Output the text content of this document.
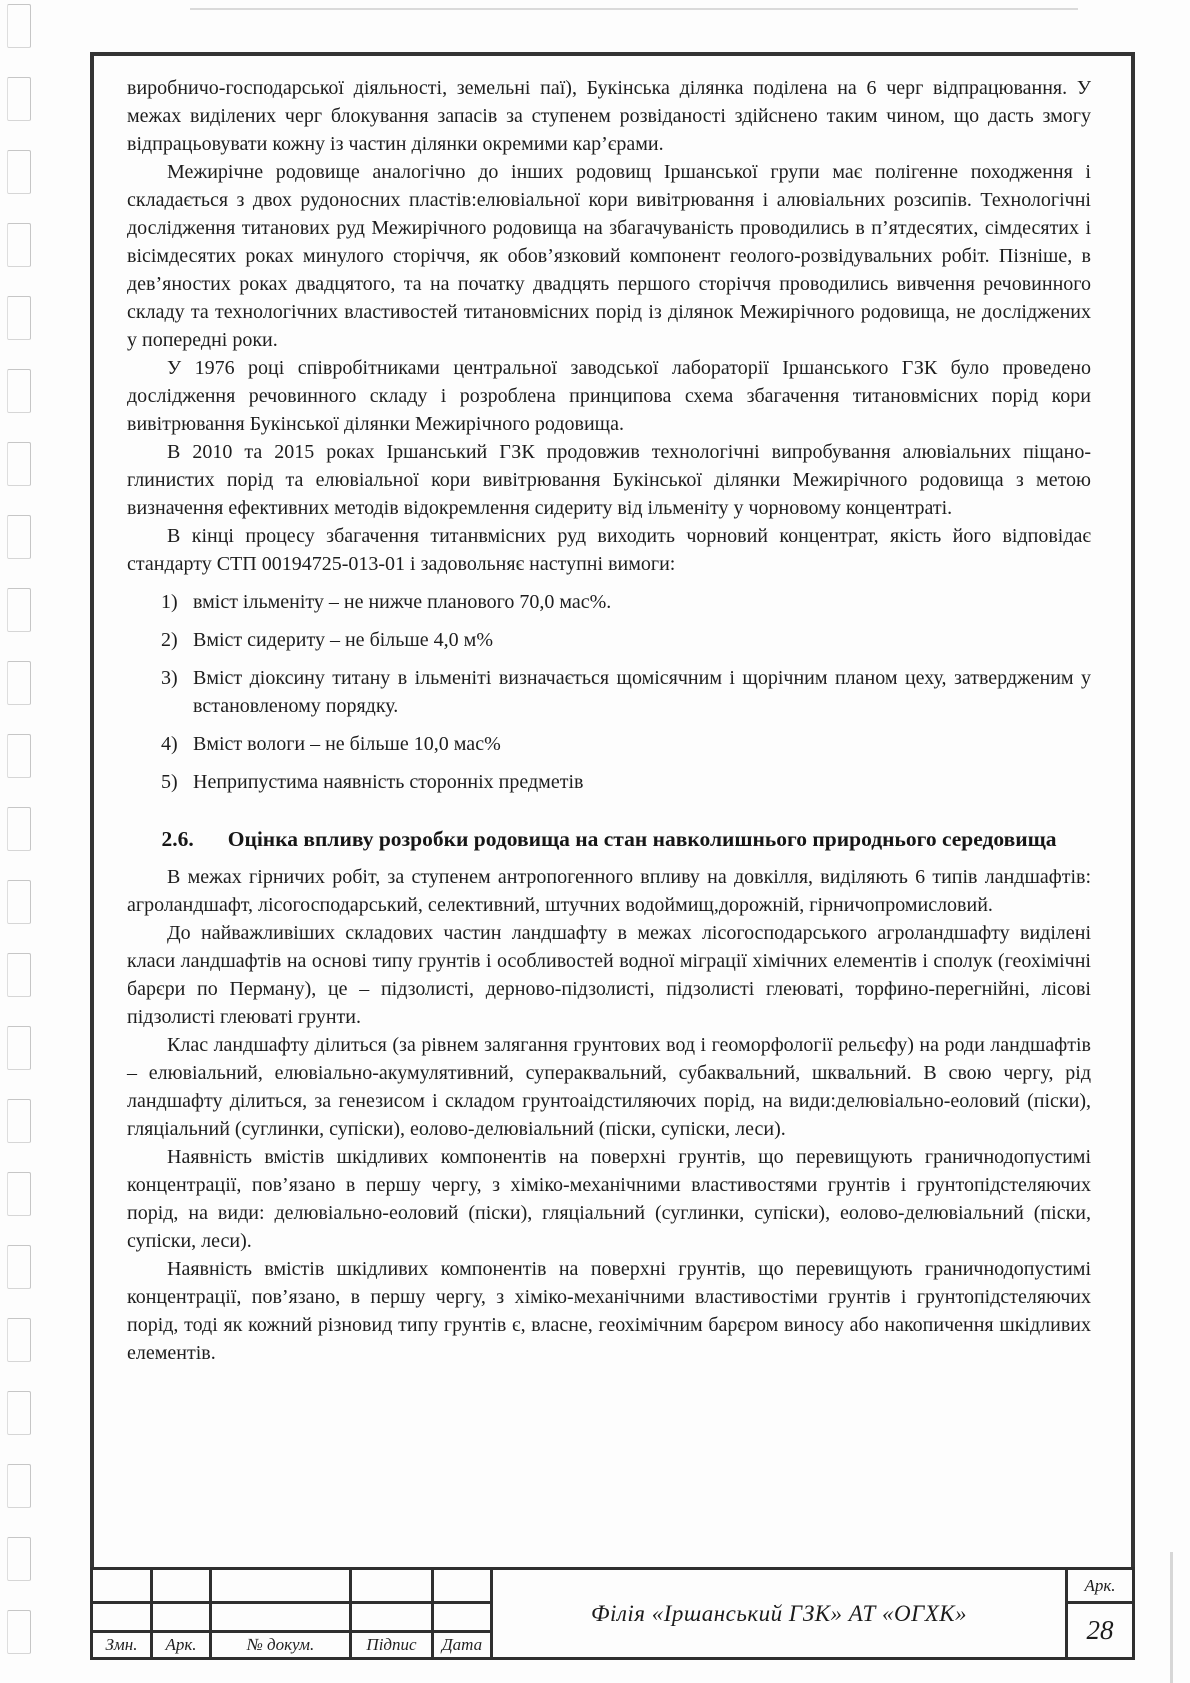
виробничо-господарської діяльності, земельні паї), Букінська ділянка поділена на 6 черг відпрацювання. У межах виділених черг блокування запасів за ступенем розвіданості здійснено таким чином, що дасть змогу відпрацьовувати кожну із частин ділянки окремими кар’єрами.

Межирічне родовище аналогічно до інших родовищ Іршанської групи має полігенне походження і складається з двох рудоносних пластів:елювіальної кори вивітрювання і алювіальних розсипів. Технологічні дослідження титанових руд Межирічного родовища на збагачуваність проводились в п’ятдесятих, сімдесятих і вісімдесятих роках минулого сторіччя, як обов’язковий компонент геолого-розвідувальних робіт. Пізніше, в дев’яностих роках двадцятого, та на початку двадцять першого сторіччя проводились вивчення речовинного складу та технологічних властивостей титановмісних порід із ділянок Межирічного родовища, не досліджених у попередні роки.

У 1976 році співробітниками центральної заводської лабораторії Іршанського ГЗК було проведено дослідження речовинного складу і розроблена принципова схема збагачення титановмісних порід кори вивітрювання Букінської ділянки Межирічного родовища.

В 2010 та 2015 роках Іршанський ГЗК продовжив технологічні випробування алювіальних піщано-глинистих порід та елювіальної кори вивітрювання Букінської ділянки Межирічного родовища з метою визначення ефективних методів відокремлення сидериту від ільменіту у чорновому концентраті.

В кінці процесу збагачення титанвмісних руд виходить чорновий концентрат, якість його відповідає стандарту СТП 00194725-013-01 і задовольняє наступні вимоги:

1) вміст ільменіту – не нижче планового 70,0 мас%.
2) Вміст сидериту – не більше 4,0 м%
3) Вміст діоксину титану в ільменіті визначається щомісячним і щорічним планом цеху, затвердженим у встановленому порядку.
4) Вміст вологи – не більше 10,0 мас%
5) Неприпустима наявність сторонніх предметів
2.6. Оцінка впливу розробки родовища на стан навколишнього природнього середовища

В межах гірничих робіт, за ступенем антропогенного впливу на довкілля, виділяють 6 типів ландшафтів: агроландшафт, лісогосподарський, селективний, штучних водоймищ,дорожній, гірничопромисловий.

До найважливіших складових частин ландшафту в межах лісогосподарського агроландшафту виділені класи ландшафтів на основі типу грунтів і особливостей водної міграції хімічних елементів і сполук (геохімічні барєри по Перману), це – підзолисті, дерново-підзолисті, підзолисті глеюваті, торфино-перегнійні, лісові підзолисті глеюваті грунти.

Клас ландшафту ділиться (за рівнем залягання грунтових вод і геоморфології рельєфу) на роди ландшафтів – елювіальний, елювіально-акумулятивний, супераквальний, субаквальний, шквальний. В свою чергу, рід ландшафту ділиться, за генезисом і складом грунтоаідстиляючих порід, на види:делювіально-еоловий (піски), гляціальний (суглинки, супіски), еолово-делювіальний (піски, супіски, леси).

Наявність вмістів шкідливих компонентів на поверхні грунтів, що перевищують граничнодопустимі концентрації, пов’язано в першу чергу, з хіміко-механічними властивостями грунтів і грунтопідстеляючих порід, на види: делювіально-еоловий (піски), гляціальний (суглинки, супіски), еолово-делювіальний (піски, супіски, леси).

Наявність вмістів шкідливих компонентів на поверхні грунтів, що перевищують граничнодопустимі концентрації, пов’язано, в першу чергу, з хіміко-механічними властивостіми грунтів і грунтопідстеляючих порід, тоді як кожний різновид типу грунтів є, власне, геохімічним барєром виносу або накопичення шкідливих елементів.

Філія «Іршанський ГЗК» АТ «ОГХК»
Арк.
28
Змн.	Арк.	№ докум.	Підпис	Дата
